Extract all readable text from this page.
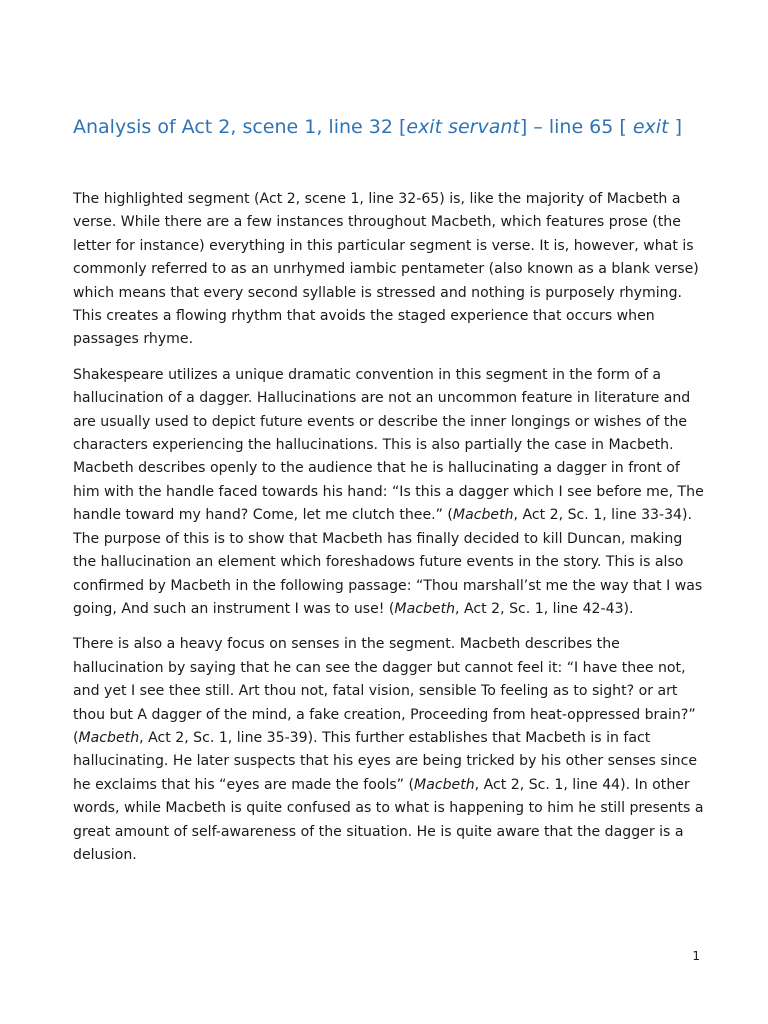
Analysis of Act 2, scene 1, line 32 [exit servant] – line 65 [ exit ]

The highlighted segment (Act 2, scene 1, line 32-65) is, like the majority of Macbeth a verse. While there are a few instances throughout Macbeth, which features prose (the letter for instance) everything in this particular segment is verse. It is, however, what is commonly referred to as an unrhymed iambic pentameter (also known as a blank verse) which means that every second syllable is stressed and nothing is purposely rhyming. This creates a flowing rhythm that avoids the staged experience that occurs when passages rhyme.

Shakespeare utilizes a unique dramatic convention in this segment in the form of a hallucination of a dagger. Hallucinations are not an uncommon feature in literature and are usually used to depict future events or describe the inner longings or wishes of the characters experiencing the hallucinations. This is also partially the case in Macbeth. Macbeth describes openly to the audience that he is hallucinating a dagger in front of him with the handle faced towards his hand: “Is this a dagger which I see before me, The handle toward my hand? Come, let me clutch thee.” (Macbeth, Act 2, Sc. 1, line 33-34). The purpose of this is to show that Macbeth has finally decided to kill Duncan, making the hallucination an element which foreshadows future events in the story. This is also confirmed by Macbeth in the following passage: “Thou marshall’st me the way that I was going, And such an instrument I was to use! (Macbeth, Act 2, Sc. 1, line 42-43).

There is also a heavy focus on senses in the segment. Macbeth describes the hallucination by saying that he can see the dagger but cannot feel it: “I have thee not, and yet I see thee still. Art thou not, fatal vision, sensible To feeling as to sight? or art thou but A dagger of the mind, a fake creation, Proceeding from heat-oppressed brain?” (Macbeth, Act 2, Sc. 1, line 35-39). This further establishes that Macbeth is in fact hallucinating. He later suspects that his eyes are being tricked by his other senses since he exclaims that his “eyes are made the fools” (Macbeth, Act 2, Sc. 1, line 44). In other words, while Macbeth is quite confused as to what is happening to him he still presents a great amount of self-awareness of the situation. He is quite aware that the dagger is a delusion.

1
